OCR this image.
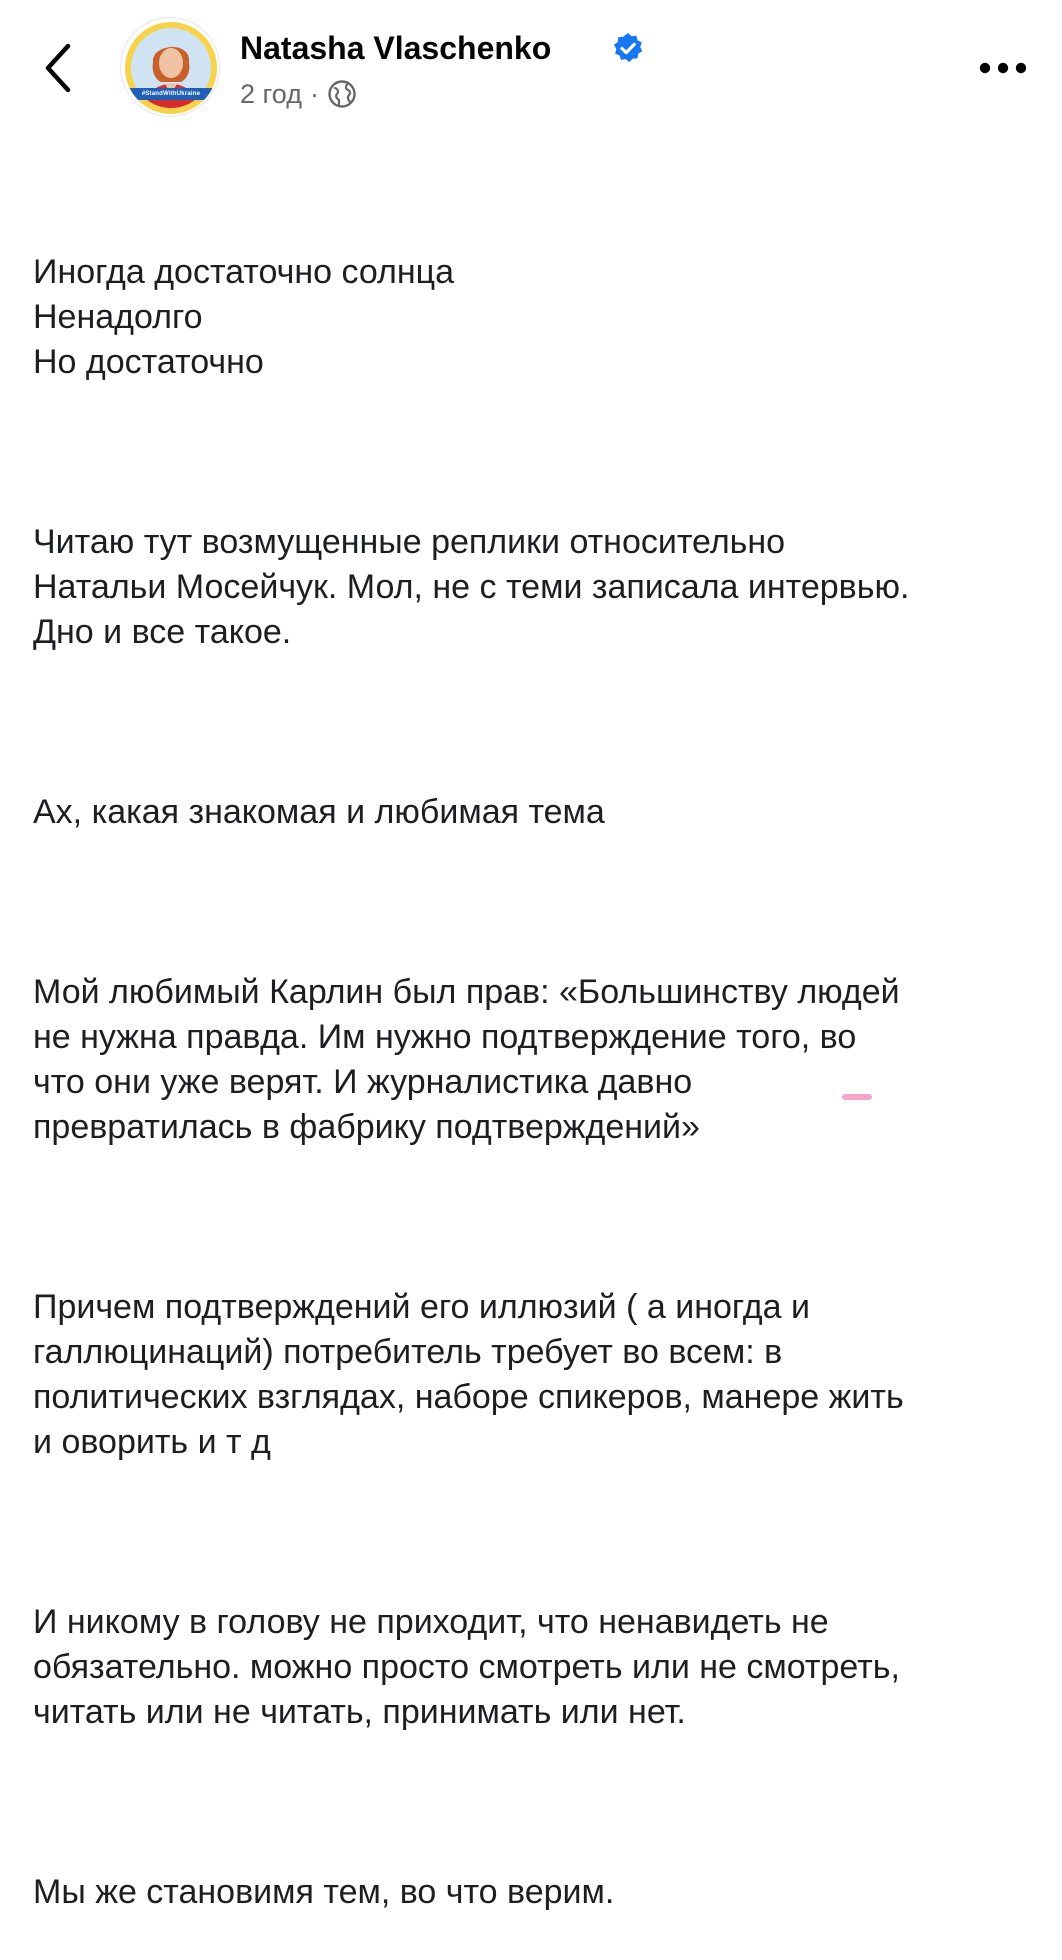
#StandWithUkraine
Natasha Vlaschenko
2 год ·

Иногда достаточно солнца
Ненадолго
Но достаточно

Читаю тут возмущенные реплики относительно
Натальи Мосейчук. Мол, не с теми записала интервью.
Дно и все такое.

Ах, какая знакомая и любимая тема

Мой любимый Карлин был прав: «Большинству людей
не нужна правда. Им нужно подтверждение того, во
что они уже верят. И журналистика давно
превратилась в фабрику подтверждений»

Причем подтверждений его иллюзий ( а иногда и
галлюцинаций) потребитель требует во всем: в
политических взглядах, наборе спикеров, манере жить
и оворить и т д

И никому в голову не приходит, что ненавидеть не
обязательно. можно просто смотреть или не смотреть,
читать или не читать, принимать или нет.

Мы же становимя тем, во что верим.
